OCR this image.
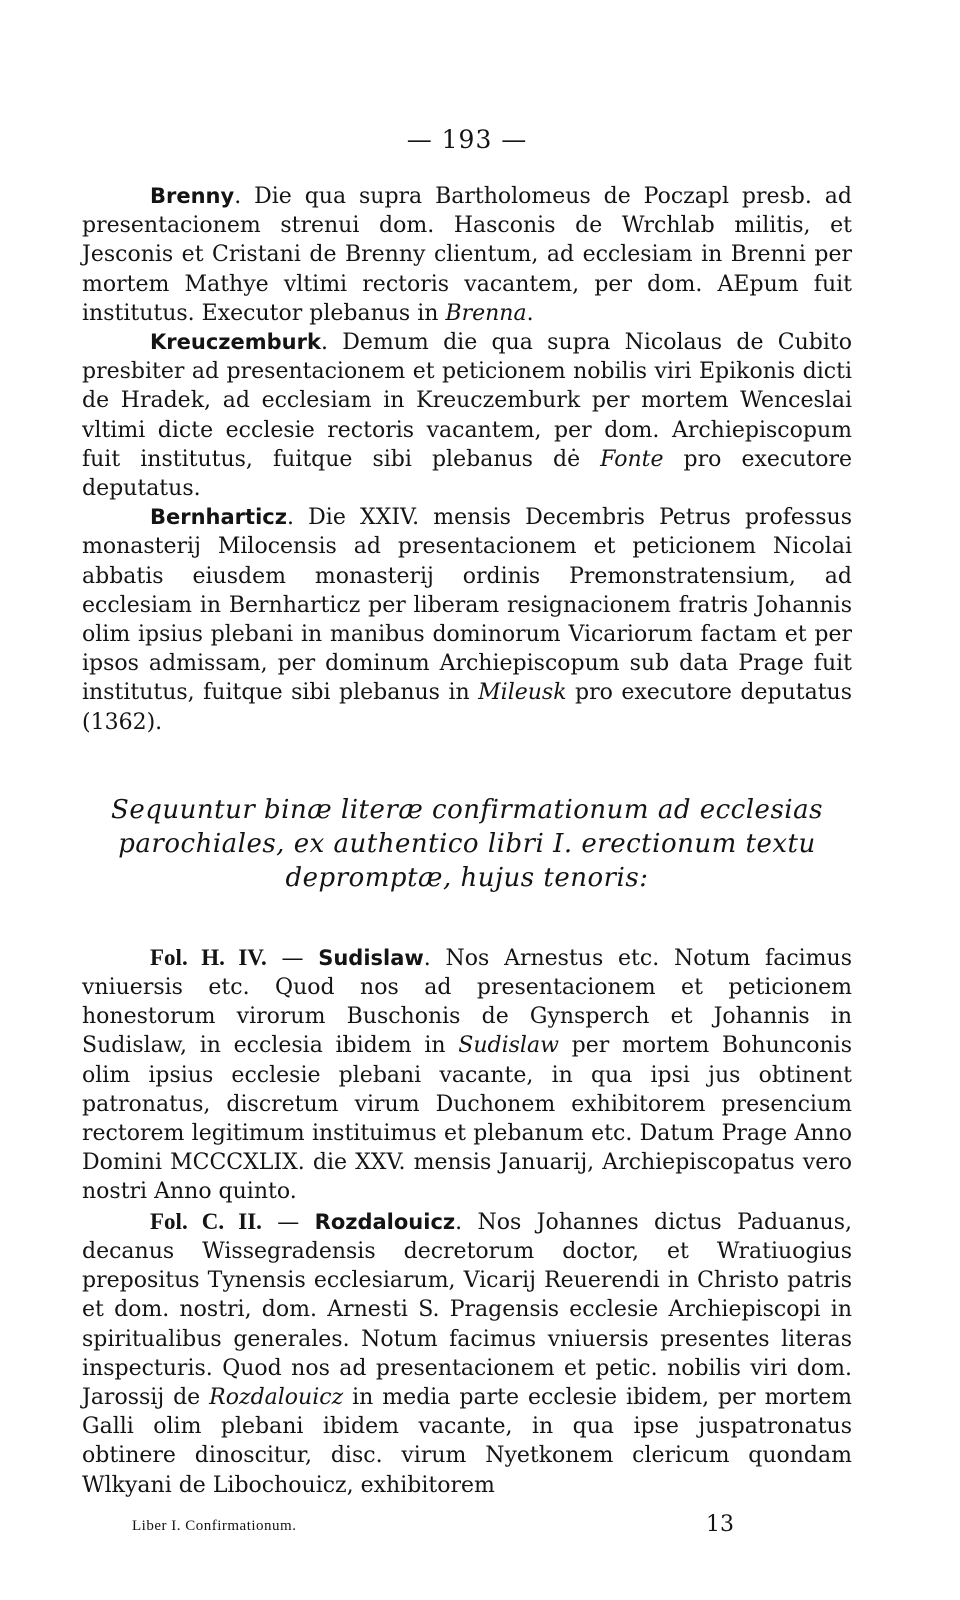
— 193 —

Brenny. Die qua supra Bartholomeus de Poczapl presb. ad presentacionem strenui dom. Hasconis de Wrchlab militis, et Jesconis et Cristani de Brenny clientum, ad ecclesiam in Brenni per mortem Mathye vltimi rectoris vacantem, per dom. AEpum fuit institutus. Executor plebanus in Brenna.

Kreuczemburk. Demum die qua supra Nicolaus de Cubito presbiter ad presentacionem et peticionem nobilis viri Epikonis dicti de Hradek, ad ecclesiam in Kreuczemburk per mortem Wenceslai vltimi dicte ecclesie rectoris vacantem, per dom. Archiepiscopum fuit institutus, fuitque sibi plebanus dė Fonte pro executore deputatus.

Bernharticz. Die XXIV. mensis Decembris Petrus professus monasterij Milocensis ad presentacionem et peticionem Nicolai abbatis eiusdem monasterij ordinis Premonstratensium, ad ecclesiam in Bernharticz per liberam resignacionem fratris Johannis olim ipsius plebani in manibus dominorum Vicariorum factam et per ipsos admissam, per dominum Archiepiscopum sub data Prage fuit institutus, fuitque sibi plebanus in Mileusk pro executore deputatus (1362).

Sequuntur binæ literæ confirmationum ad ecclesias parochiales, ex authentico libri I. erectionum textu depromptæ, hujus tenoris:

Fol. H. IV. — Sudislaw. Nos Arnestus etc. Notum facimus vniuersis etc. Quod nos ad presentacionem et peticionem honestorum virorum Buschonis de Gynsperch et Johannis in Sudislaw, in ecclesia ibidem in Sudislaw per mortem Bohunconis olim ipsius ecclesie plebani vacante, in qua ipsi jus obtinent patronatus, discretum virum Duchonem exhibitorem presencium rectorem legitimum instituimus et plebanum etc. Datum Prage Anno Domini MCCCXLIX. die XXV. mensis Januarij, Archiepiscopatus vero nostri Anno quinto.

Fol. C. II. — Rozdalouicz. Nos Johannes dictus Paduanus, decanus Wissegradensis decretorum doctor, et Wratiuogius prepositus Tynensis ecclesiarum, Vicarij Reuerendi in Christo patris et dom. nostri, dom. Arnesti S. Pragensis ecclesie Archiepiscopi in spiritualibus generales. Notum facimus vniuersis presentes literas inspecturis. Quod nos ad presentacionem et petic. nobilis viri dom. Jarossij de Rozdalouicz in media parte ecclesie ibidem, per mortem Galli olim plebani ibidem vacante, in qua ipse juspatronatus obtinere dinoscitur, disc. virum Nyetkonem clericum quondam Wlkyani de Libochouicz, exhibitorem

Liber I. Confirmationum.	13
